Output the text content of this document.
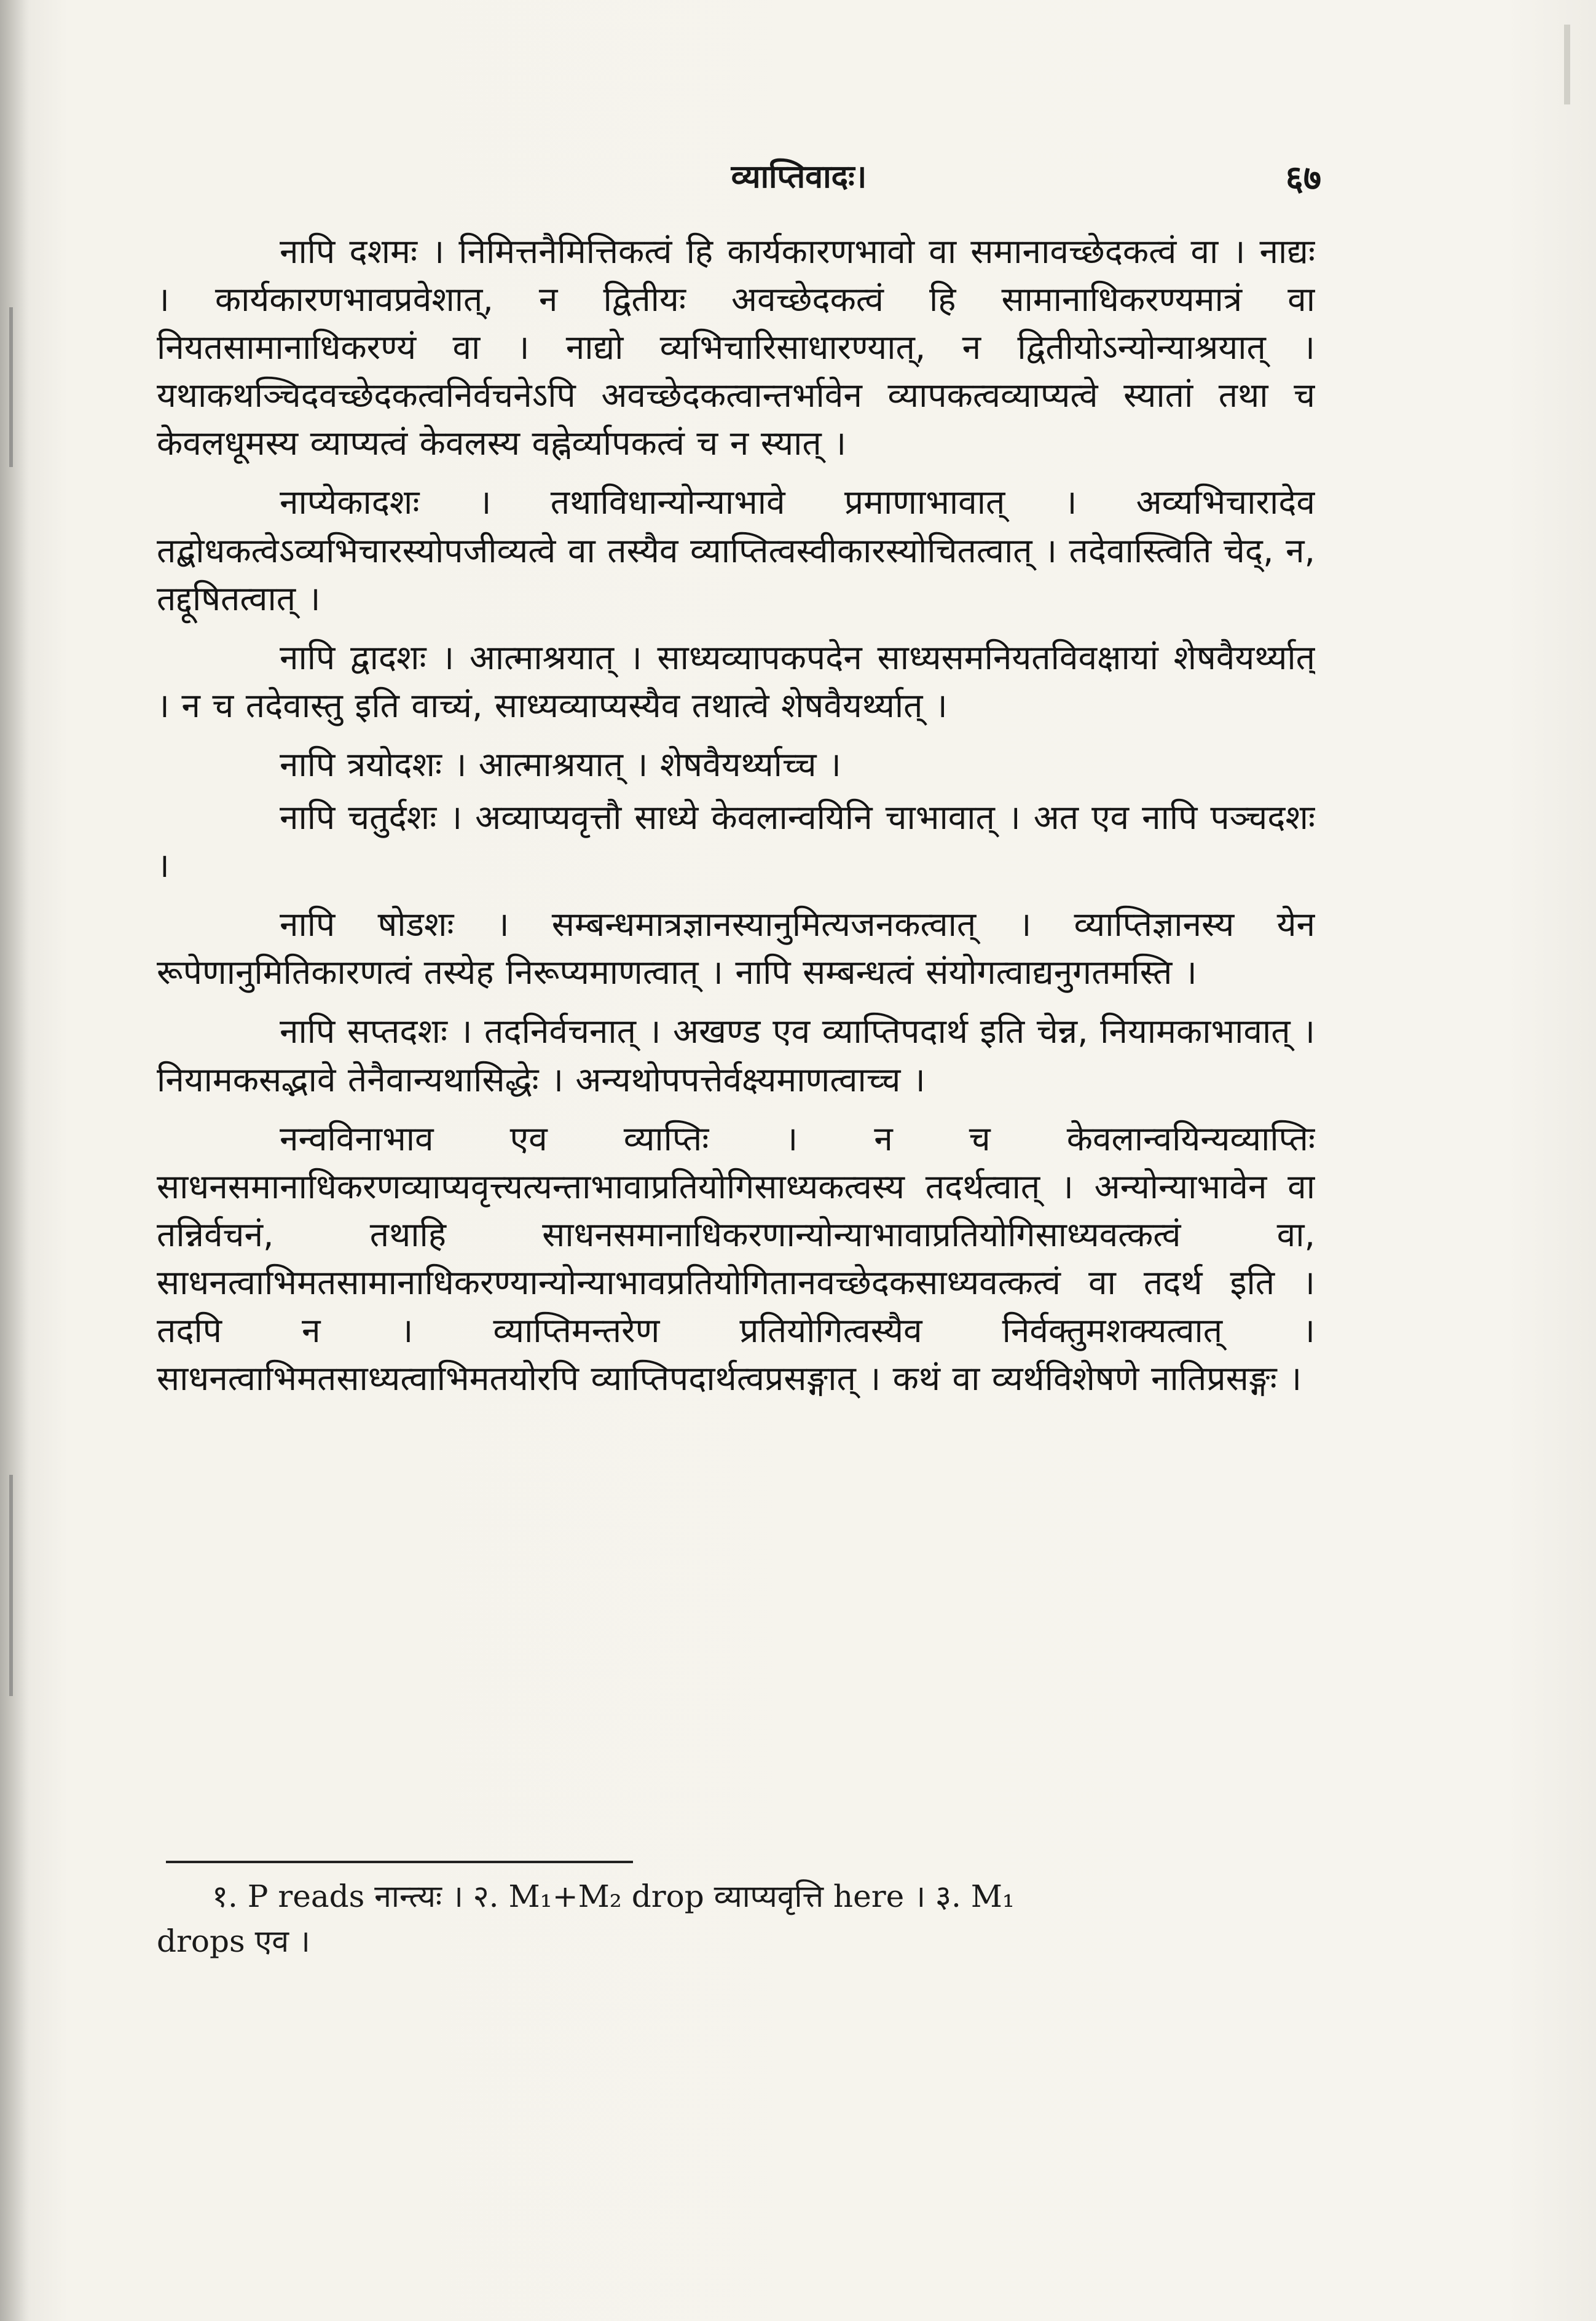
व्याप्तिवादः।	६७

नापि दशमः । निमित्तनैमित्तिकत्वं हि कार्यकारणभावो वा समानावच्छेदकत्वं वा । नाद्यः । कार्यकारणभावप्रवेशात्, न द्वितीयः अवच्छेदकत्वं हि सामानाधिकरण्यमात्रं वा नियतसामानाधिकरण्यं वा । नाद्यो व्यभिचारिसाधारण्यात्, न द्वितीयोऽन्योन्याश्रयात् । यथाकथञ्चिदवच्छेदकत्वनिर्वचनेऽपि अवच्छेदकत्वान्तर्भावेन व्यापकत्वव्याप्यत्वे स्यातां तथा च केवलधूमस्य व्याप्यत्वं केवलस्य वह्नेर्व्यापकत्वं च न स्यात् ।

नाप्येकादशः । तथाविधान्योन्याभावे प्रमाणाभावात् । अव्यभिचारादेव तद्बोधकत्वेऽव्यभिचारस्योपजीव्यत्वे वा तस्यैव व्याप्तित्वस्वीकारस्योचितत्वात् । तदेवास्त्विति चेद्, न, तद्दूषितत्वात् ।

नापि द्वादशः । आत्माश्रयात् । साध्यव्यापकपदेन साध्यसमनियतविवक्षायां शेषवैयर्थ्यात् । न च तदेवास्तु इति वाच्यं, साध्यव्याप्यस्यैव तथात्वे शेषवैयर्थ्यात् ।

नापि त्रयोदशः । आत्माश्रयात् । शेषवैयर्थ्याच्च ।

नापि चतुर्दशः । अव्याप्यवृत्तौ साध्ये केवलान्वयिनि चाभावात् । अत एव नापि पञ्चदशः ।

नापि षोडशः । सम्बन्धमात्रज्ञानस्यानुमित्यजनकत्वात् । व्याप्तिज्ञानस्य येन रूपेणानुमितिकारणत्वं तस्येह निरूप्यमाणत्वात् । नापि सम्बन्धत्वं संयोगत्वाद्यनुगतमस्ति ।

नापि सप्तदशः । तदनिर्वचनात् । अखण्ड एव व्याप्तिपदार्थ इति चेन्न, नियामकाभावात् । नियामकसद्भावे तेनैवान्यथासिद्धेः । अन्यथोपपत्तेर्वक्ष्यमाणत्वाच्च ।

नन्वविनाभाव एव व्याप्तिः । न च केवलान्वयिन्यव्याप्तिः साधनसमानाधिकरणव्याप्यवृत्त्यत्यन्ताभावाप्रतियोगिसाध्यकत्वस्य तदर्थत्वात् । अन्योन्याभावेन वा तन्निर्वचनं, तथाहि साधनसमानाधिकरणान्योन्याभावाप्रतियोगिसाध्यवत्कत्वं वा, साधनत्वाभिमतसामानाधिकरण्यान्योन्याभावप्रतियोगितानवच्छेदकसाध्यवत्कत्वं वा तदर्थ इति । तदपि न । व्याप्तिमन्तरेण प्रतियोगित्वस्यैव निर्वक्तुमशक्यत्वात् । साधनत्वाभिमतसाध्यत्वाभिमतयोरपि व्याप्तिपदार्थत्वप्रसङ्गात् । कथं वा व्यर्थविशेषणे नातिप्रसङ्गः ।

१. P reads नान्त्यः । २. M₁+M₂ drop व्याप्यवृत्ति here । ३. M₁
drops एव ।
